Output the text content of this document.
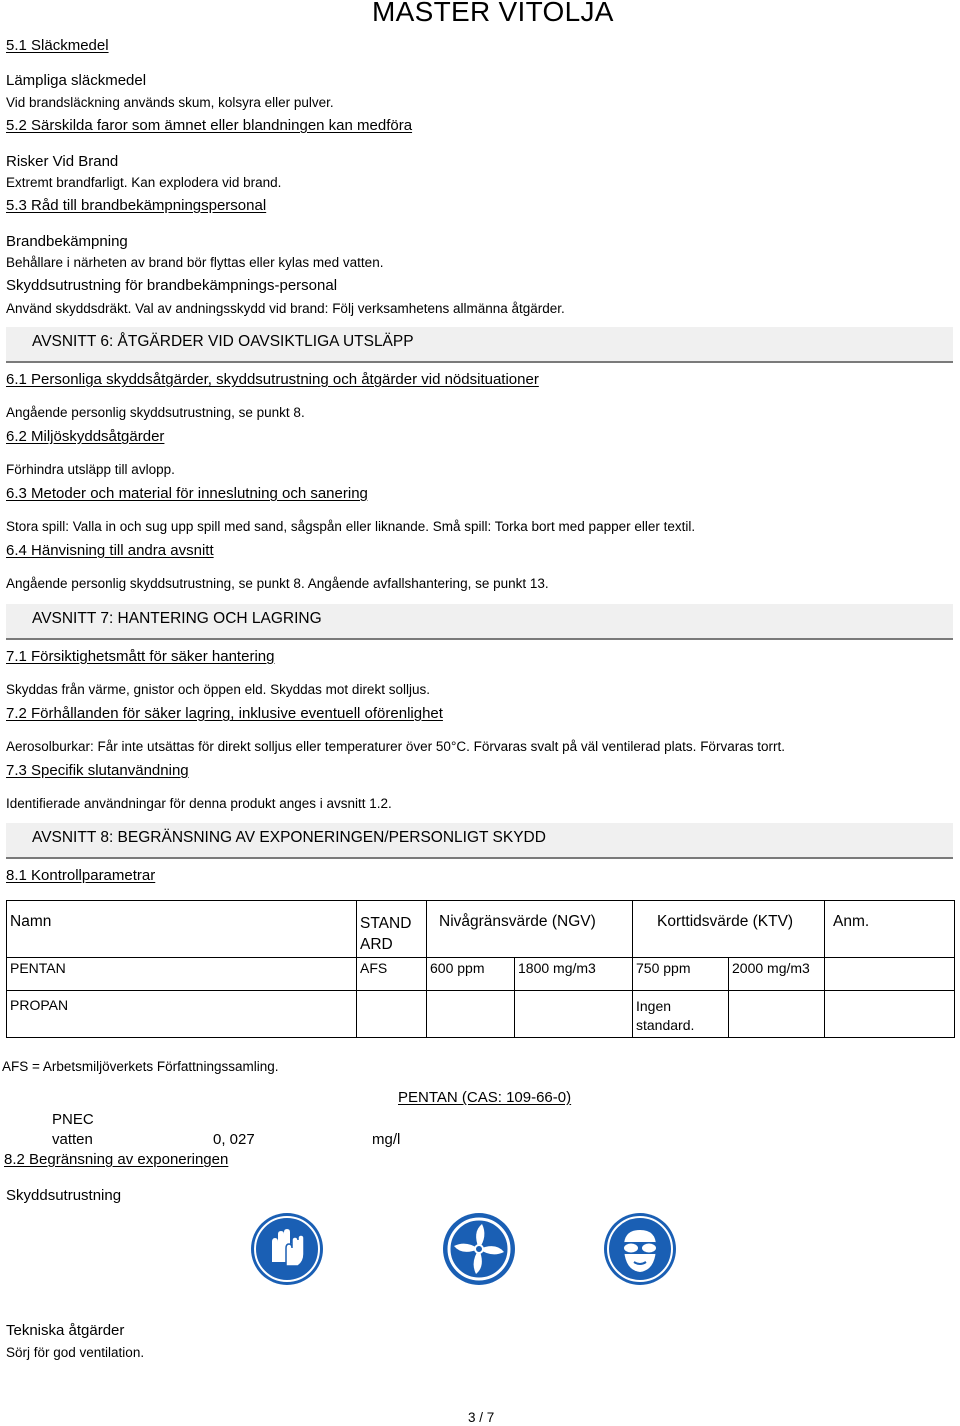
MASTER VITOLJA
5.1 Släckmedel
Lämpliga släckmedel
Vid brandsläckning används skum, kolsyra eller pulver.
5.2 Särskilda faror som ämnet eller blandningen kan medföra
Risker Vid Brand
Extremt brandfarligt. Kan explodera vid brand.
5.3 Råd till brandbekämpningspersonal
Brandbekämpning
Behållare i närheten av brand bör flyttas eller kylas med vatten.
Skyddsutrustning för brandbekämpnings-personal
Använd skyddsdräkt. Val av andningsskydd vid brand: Följ verksamhetens allmänna åtgärder.
AVSNITT 6: ÅTGÄRDER VID OAVSIKTLIGA UTSLÄPP
6.1 Personliga skyddsåtgärder, skyddsutrustning och åtgärder vid nödsituationer
Angående personlig skyddsutrustning, se punkt 8.
6.2 Miljöskyddsåtgärder
Förhindra utsläpp till avlopp.
6.3 Metoder och material för inneslutning och sanering
Stora spill: Valla in och sug upp spill med sand, sågspån eller liknande. Små spill: Torka bort med papper eller textil.
6.4 Hänvisning till andra avsnitt
Angående personlig skyddsutrustning, se punkt 8. Angående avfallshantering, se punkt 13.
AVSNITT 7: HANTERING OCH LAGRING
7.1 Försiktighetsmått för säker hantering
Skyddas från värme, gnistor och öppen eld. Skyddas mot direkt solljus.
7.2 Förhållanden för säker lagring, inklusive eventuell oförenlighet
Aerosolburkar: Får inte utsättas för direkt solljus eller temperaturer över 50°C. Förvaras svalt på väl ventilerad plats. Förvaras torrt.
7.3 Specifik slutanvändning
Identifierade användningar för denna produkt anges i avsnitt 1.2.
AVSNITT 8: BEGRÄNSNING AV EXPONERINGEN/PERSONLIGT SKYDD
8.1 Kontrollparametrar
Namn	STAND
ARD	Nivågränsvärde (NGV)		Korttidsvärde (KTV)		Anm.
PENTAN	AFS	600 ppm	1800 mg/m3	750 ppm	2000 mg/m3	
PROPAN				Ingen
standard.		
AFS = Arbetsmiljöverkets Författningssamling.
PENTAN (CAS: 109-66-0)
PNEC
vatten	0, 027	mg/l
8.2 Begränsning av exponeringen
Skyddsutrustning
Tekniska åtgärder
Sörj för god ventilation.
3 / 7
